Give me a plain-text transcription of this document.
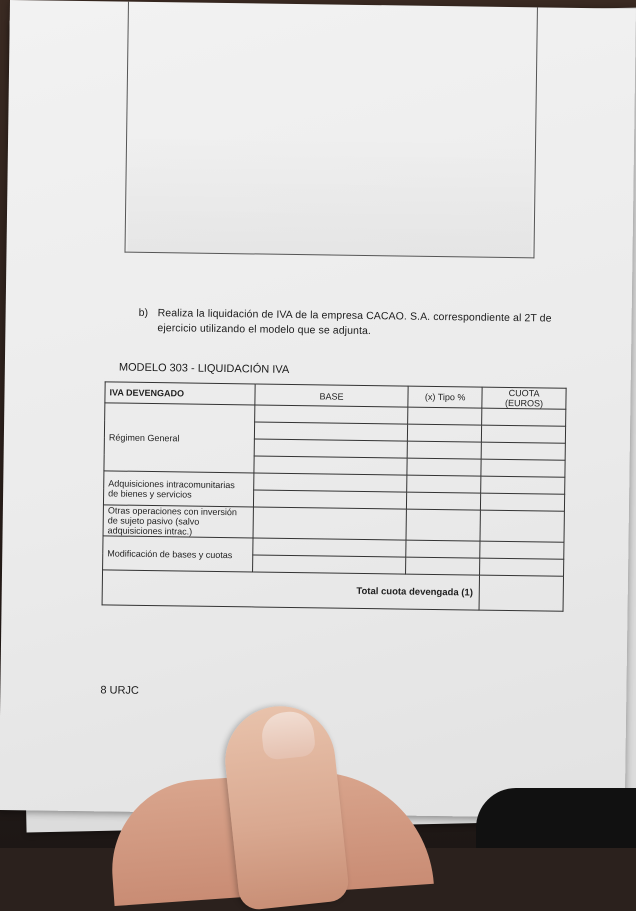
b) Realiza la liquidación de IVA de la empresa CACAO. S.A. correspondiente al 2T de
ejercicio utilizando el modelo que se adjunta.
MODELO 303 - LIQUIDACIÓN IVA
IVA DEVENGADO	BASE	(x) Tipo %	CUOTA
(EUROS)

Régimen General			

Adquisiciones intracomunitarias
de bienes y servicios			

Otras operaciones con inversión
de sujeto pasivo (salvo
adquisiciones intrac.)			

Modificación de bases y cuotas			

Total cuota devengada (1)			
8 URJC
